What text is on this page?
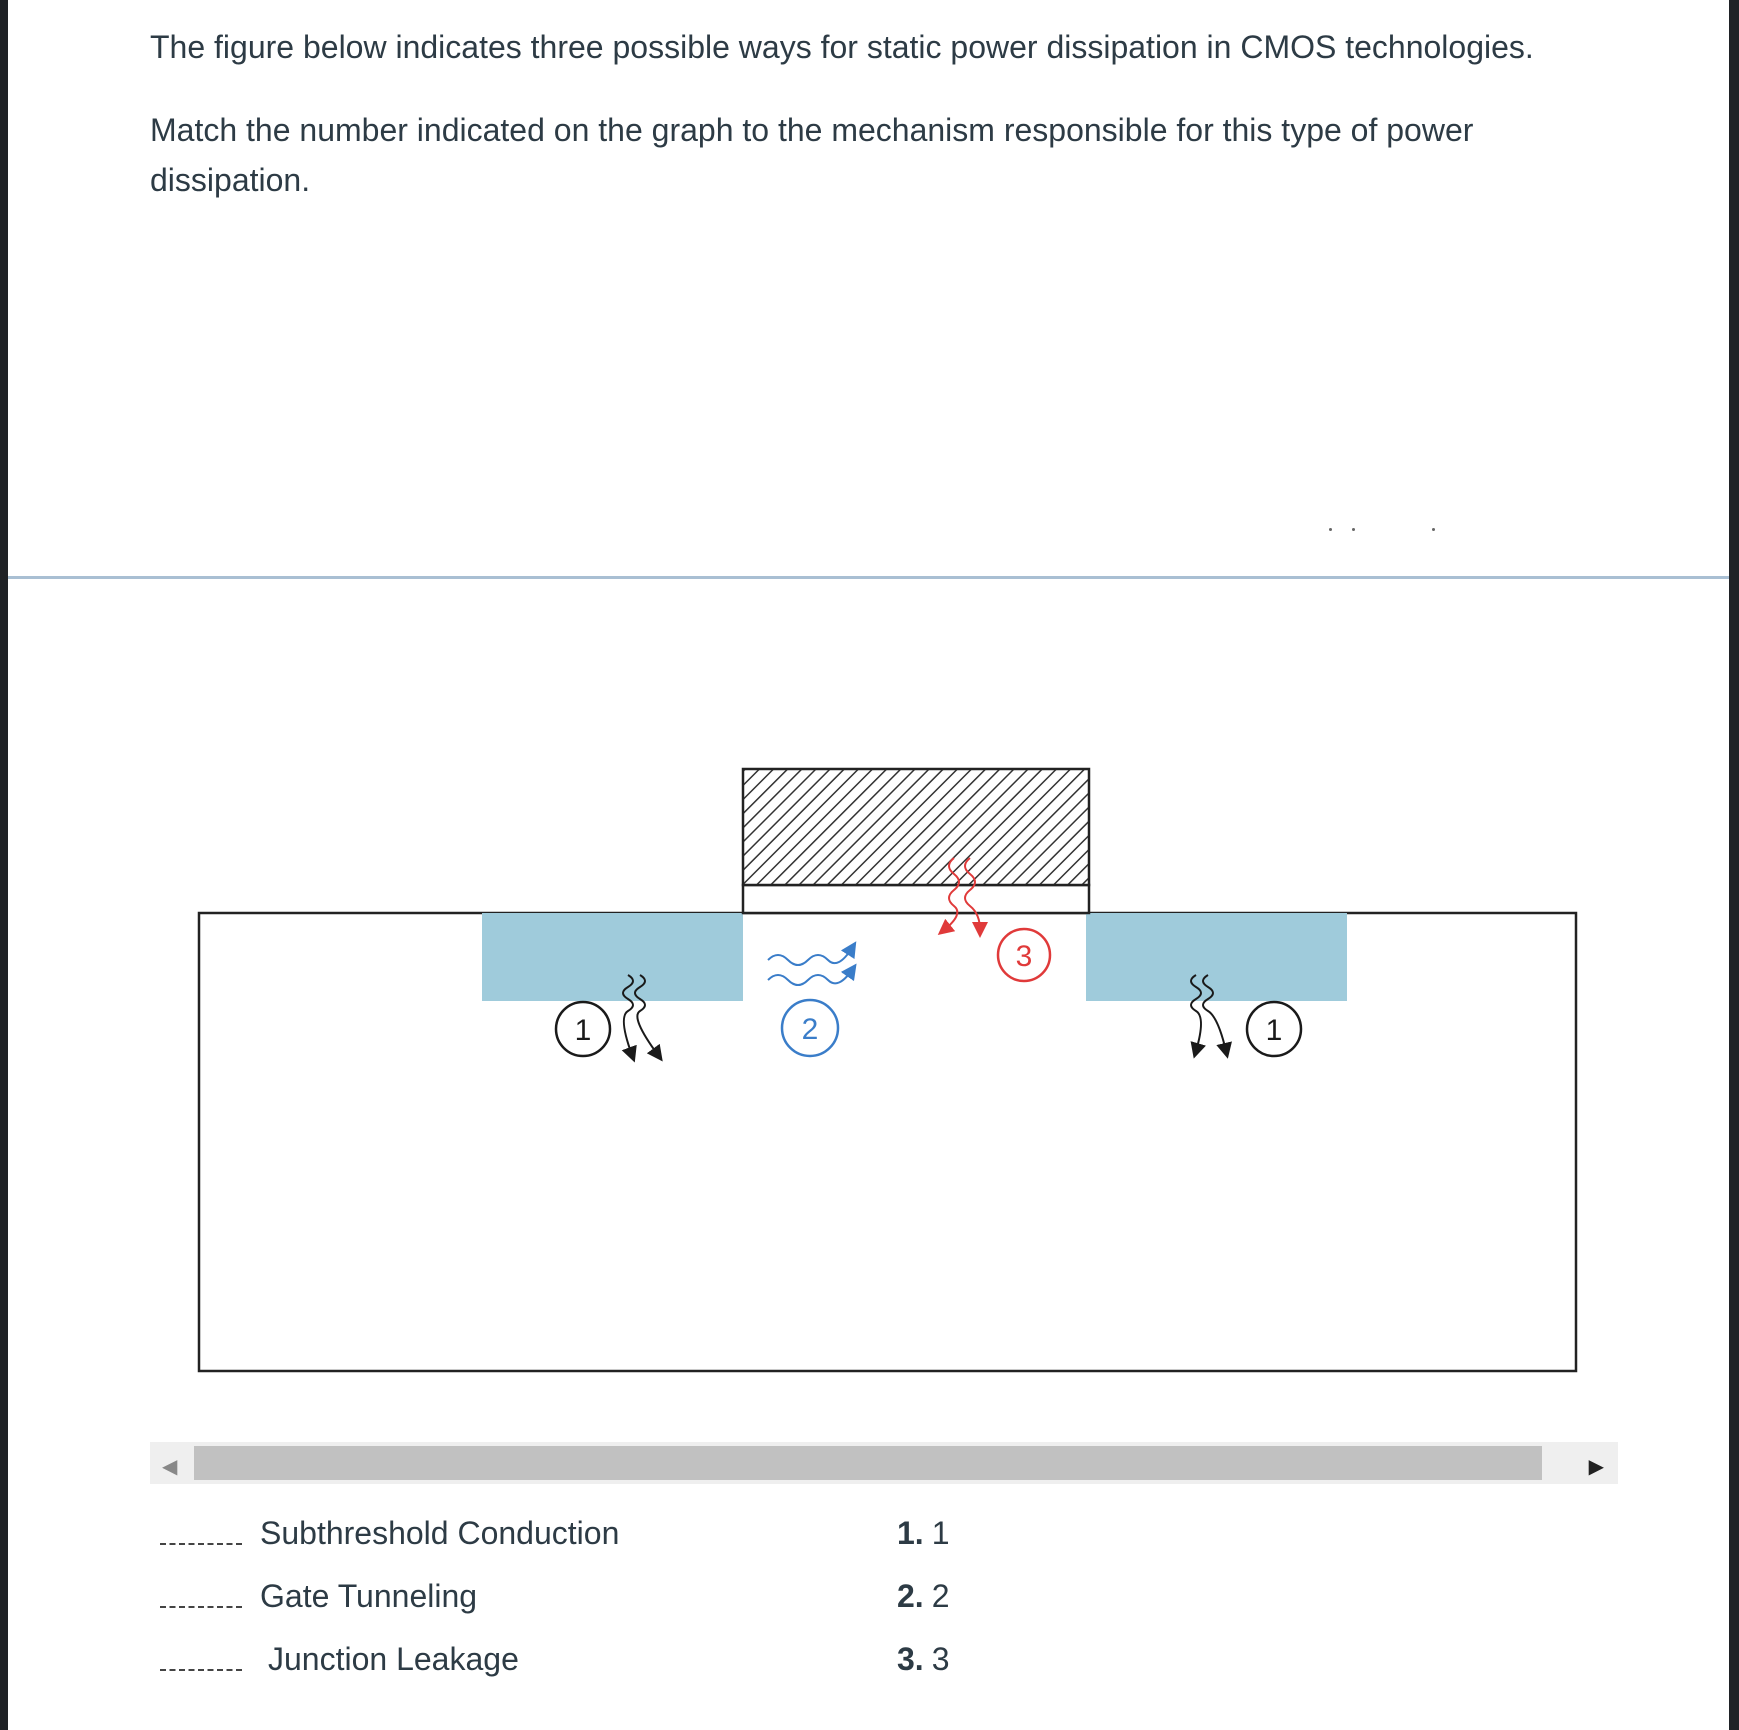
The figure below indicates three possible ways for static power dissipation in CMOS technologies.

Match the number indicated on the graph to the mechanism responsible for this type of power dissipation.

1	2
3
1
◀	▶
Subthreshold Conduction
Gate Tunneling
Junction Leakage
1. 1
2. 2
3. 3
